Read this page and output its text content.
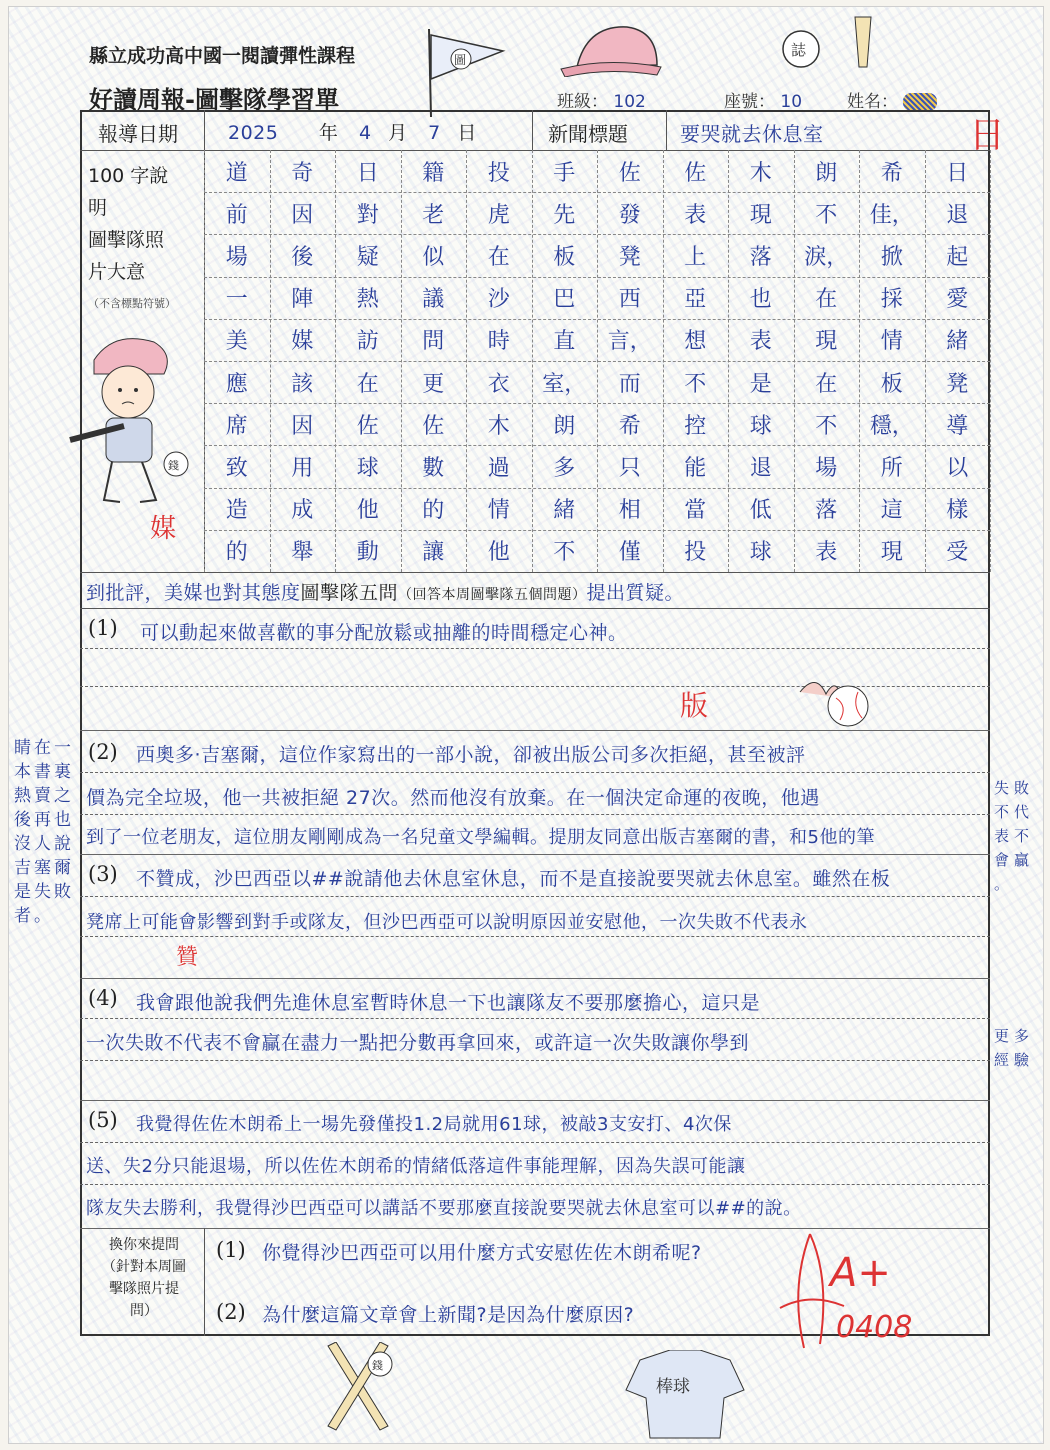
縣立成功高中國一閱讀彈性課程
好讀周報-圖擊隊學習單	班級： 102	座號： 10	姓名：
圖
誌
日
報導日期	2025 年 4 月 7 日	新聞標題	要哭就去休息室
100 字說
明
圖擊隊照
片大意
（不含標點符號）
錢
媒
道	奇	日	籍	投	手	佐	佐	木	朗	希	日
前	因	對	老	虎	先	發	表	現	不	佳，	退
場	後	疑	似	在	板	凳	上	落	淚，	掀	起
一	陣	熱	議	沙	巴	西	亞	也	在	採	愛
美	媒	訪	問	時	直	言，	想	表	現	情	緒
應	該	在	更	衣	室，	而	不	是	在	板	凳
席	因	佐	佐	木	朗	希	控	球	不	穩，	導
致	用	球	數	過	多	只	能	退	場	所	以
造	成	他	的	情	緒	相	當	低	落	這	樣
的	舉	動	讓	他	不	僅	投	球	表	現	受
到批評，美媒也對其態度圖擊隊五問（回答本周圖擊隊五個問題）提出質疑。
(1) 可以動起來做喜歡的事分配放鬆或抽離的時間穩定心神。
版
(2) 西奧多‧吉塞爾，這位作家寫出的一部小說，卻被出版公司多次拒絕，甚至被評
價為完全垃圾，他一共被拒絕 27次。然而他沒有放棄。在一個決定命運的夜晚，他遇
到了一位老朋友，這位朋友剛剛成為一名兒童文學編輯。提朋友同意出版吉塞爾的書，和5他的筆
(3) 不贊成，沙巴西亞以##說請他去休息室休息，而不是直接說要哭就去休息室。雖然在板
凳席上可能會影響到對手或隊友，但沙巴西亞可以說明原因並安慰他，一次失敗不代表永
贊
(4) 我會跟他說我們先進休息室暫時休息一下也讓隊友不要那麼擔心，這只是
一次失敗不代表不會贏在盡力一點把分數再拿回來，或許這一次失敗讓你學到
(5) 我覺得佐佐木朗希上一場先發僅投1.2局就用61球，被敲3支安打、4次保
送、失2分只能退場，所以佐佐木朗希的情緒低落這件事能理解，因為失誤可能讓
隊友失去勝利，我覺得沙巴西亞可以講話不要那麼直接說要哭就去休息室可以##的說。
換你來提問
（針對本周圖
擊隊照片提
問）
(1) 你覺得沙巴西亞可以用什麼方式安慰佐佐木朗希呢?
(2) 為什麼這篇文章會上新聞?是因為什麼原因?
A+
0408
錢
棒球
睛 在 一
本 書 裏
熱 賣 之
後 再 也
沒 人 說
吉 塞 爾
是 失 敗
者 。
失 敗
不 代
表 不
會 贏
。
更 多
經 驗
